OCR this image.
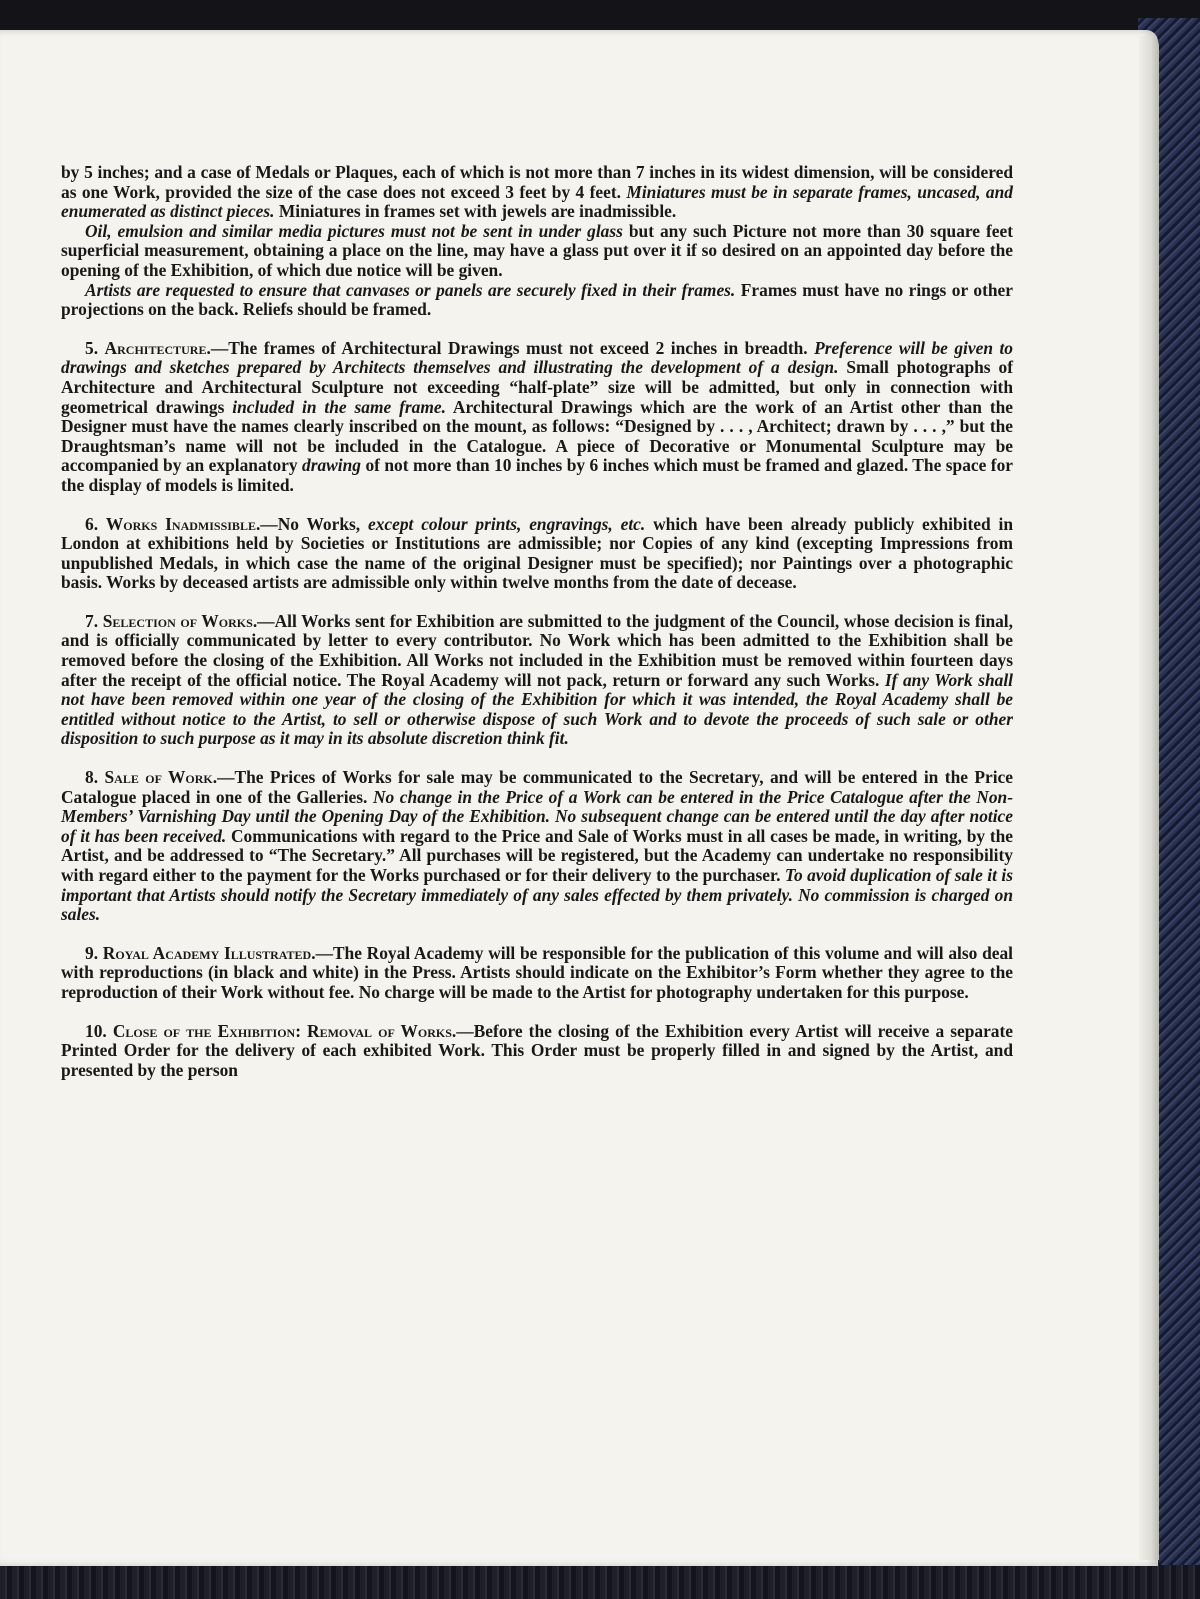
by 5 inches; and a case of Medals or Plaques, each of which is not more than 7 inches in its widest dimension, will be considered as one Work, provided the size of the case does not exceed 3 feet by 4 feet. Miniatures must be in separate frames, uncased, and enumerated as distinct pieces. Miniatures in frames set with jewels are inadmissible.

Oil, emulsion and similar media pictures must not be sent in under glass but any such Picture not more than 30 square feet superficial measurement, obtaining a place on the line, may have a glass put over it if so desired on an appointed day before the opening of the Exhibition, of which due notice will be given.

Artists are requested to ensure that canvases or panels are securely fixed in their frames. Frames must have no rings or other projections on the back. Reliefs should be framed.

5. Architecture.—The frames of Architectural Drawings must not exceed 2 inches in breadth. Preference will be given to drawings and sketches prepared by Architects themselves and illustrating the development of a design. Small photographs of Architecture and Architectural Sculpture not exceeding “half-plate” size will be admitted, but only in connection with geometrical drawings included in the same frame. Architectural Drawings which are the work of an Artist other than the Designer must have the names clearly inscribed on the mount, as follows: “Designed by . . . , Architect; drawn by . . . ,” but the Draughtsman’s name will not be included in the Catalogue. A piece of Decorative or Monumental Sculpture may be accompanied by an explanatory drawing of not more than 10 inches by 6 inches which must be framed and glazed. The space for the display of models is limited.

6. Works Inadmissible.—No Works, except colour prints, engravings, etc. which have been already publicly exhibited in London at exhibitions held by Societies or Institutions are admissible; nor Copies of any kind (excepting Impressions from unpublished Medals, in which case the name of the original Designer must be specified); nor Paintings over a photographic basis. Works by deceased artists are admissible only within twelve months from the date of decease.

7. Selection of Works.—All Works sent for Exhibition are submitted to the judgment of the Council, whose decision is final, and is officially communicated by letter to every contributor. No Work which has been admitted to the Exhibition shall be removed before the closing of the Exhibition. All Works not included in the Exhibition must be removed within fourteen days after the receipt of the official notice. The Royal Academy will not pack, return or forward any such Works. If any Work shall not have been removed within one year of the closing of the Exhibition for which it was intended, the Royal Academy shall be entitled without notice to the Artist, to sell or otherwise dispose of such Work and to devote the proceeds of such sale or other disposition to such purpose as it may in its absolute discretion think fit.

8. Sale of Work.—The Prices of Works for sale may be communicated to the Secretary, and will be entered in the Price Catalogue placed in one of the Galleries. No change in the Price of a Work can be entered in the Price Catalogue after the Non-Members’ Varnishing Day until the Opening Day of the Exhibition. No subsequent change can be entered until the day after notice of it has been received. Communications with regard to the Price and Sale of Works must in all cases be made, in writing, by the Artist, and be addressed to “The Secretary.” All purchases will be registered, but the Academy can undertake no responsibility with regard either to the payment for the Works purchased or for their delivery to the purchaser. To avoid duplication of sale it is important that Artists should notify the Secretary immediately of any sales effected by them privately. No commission is charged on sales.

9. Royal Academy Illustrated.—The Royal Academy will be responsible for the publication of this volume and will also deal with reproductions (in black and white) in the Press. Artists should indicate on the Exhibitor’s Form whether they agree to the reproduction of their Work without fee. No charge will be made to the Artist for photography undertaken for this purpose.

10. Close of the Exhibition: Removal of Works.—Before the closing of the Exhibition every Artist will receive a separate Printed Order for the delivery of each exhibited Work. This Order must be properly filled in and signed by the Artist, and presented by the person
